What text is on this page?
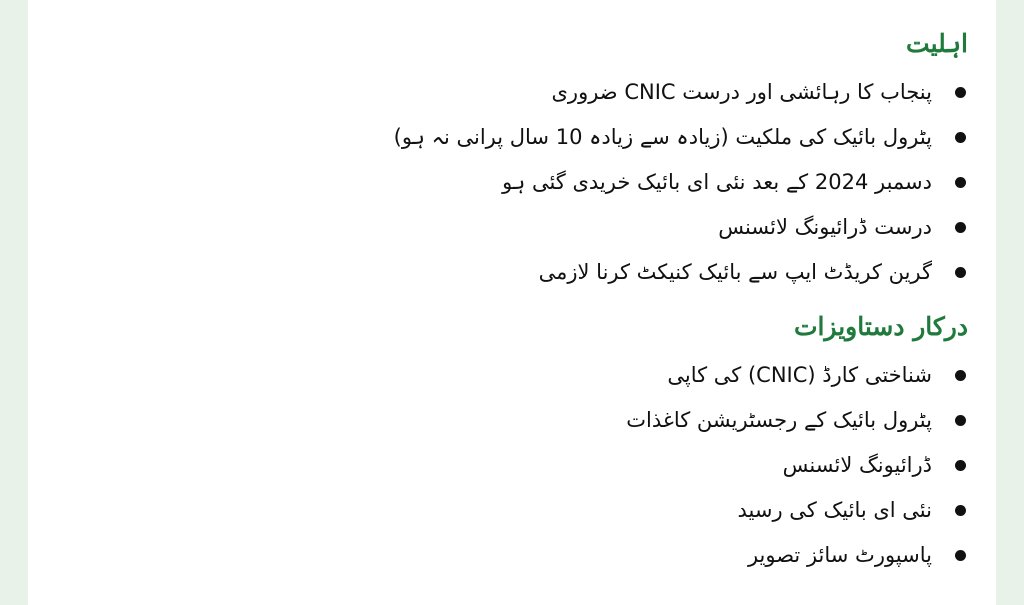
اہلیت
پنجاب کا رہائشی اور درست CNIC ضروری
پٹرول بائیک کی ملکیت (زیادہ سے زیادہ 10 سال پرانی نہ ہو)
دسمبر 2024 کے بعد نئی ای بائیک خریدی گئی ہو
درست ڈرائیونگ لائسنس
گرین کریڈٹ ایپ سے بائیک کنیکٹ کرنا لازمی
درکار دستاویزات
شناختی کارڈ (CNIC) کی کاپی
پٹرول بائیک کے رجسٹریشن کاغذات
ڈرائیونگ لائسنس
نئی ای بائیک کی رسید
پاسپورٹ سائز تصویر
